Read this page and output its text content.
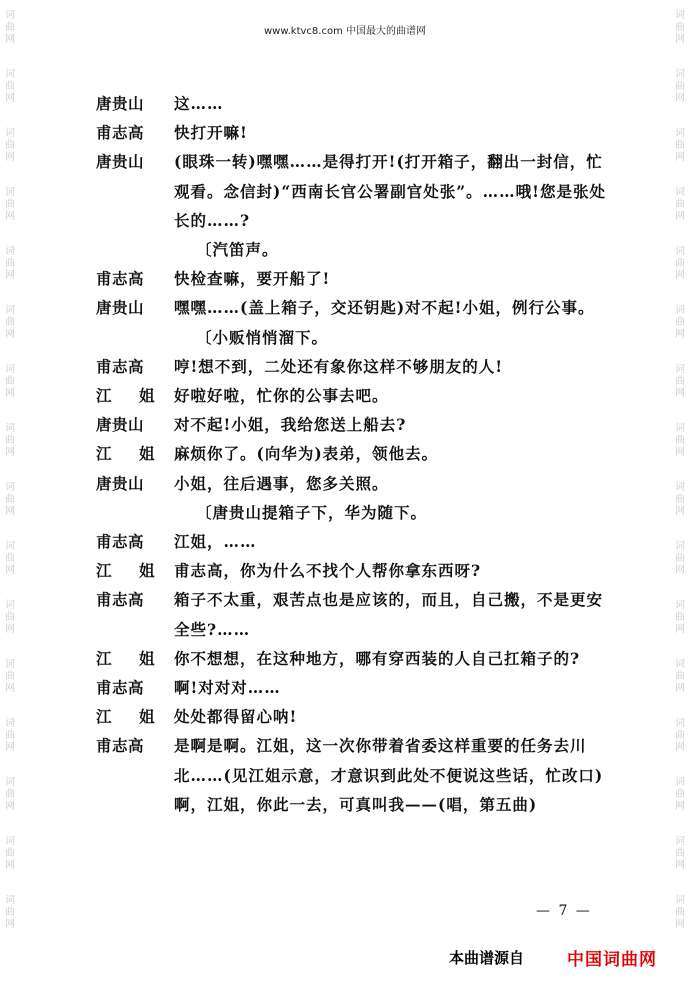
词
曲
网
词
曲
网
词
曲
网
词
曲
网
词
曲
网
词
曲
网
词
曲
网
词
曲
网
词
曲
网
词
曲
网
词
曲
网
词
曲
网
词
曲
网
词
曲
网
词
曲
网
词
曲
网
词
曲
网
词
曲
网
词
曲
网
词
曲
网
词
曲
网
词
曲
网
词
曲
网
词
曲
网
词
曲
网
词
曲
网
词
曲
网
词
曲
网
词
曲
网
词
曲
网
词
曲
网
词
曲
网
www.ktvc8.com 中国最大的曲谱网
唐贵山	这……
甫志高	快打开嘛!
唐贵山	(眼珠一转)嘿嘿……是得打开!(打开箱子，翻出一封信，忙观看。念信封)“西南长官公署副官处张”。……哦!您是张处长的……?
〔汽笛声。
甫志高	快检查嘛，要开船了!
唐贵山	嘿嘿……(盖上箱子，交还钥匙)对不起!小姐，例行公事。
〔小贩悄悄溜下。
甫志高	哼!想不到，二处还有象你这样不够朋友的人!
江　姐 好啦好啦，忙你的公事去吧。
唐贵山	对不起!小姐，我给您送上船去?
江　姐 麻烦你了。(向华为)表弟，领他去。
唐贵山	小姐，往后遇事，您多关照。
〔唐贵山提箱子下，华为随下。
甫志高	江姐，……
江　姐 甫志高，你为什么不找个人帮你拿东西呀?
甫志高	箱子不太重，艰苦点也是应该的，而且，自己搬，不是更安全些?……
江　姐 你不想想，在这种地方，哪有穿西装的人自己扛箱子的?
甫志高	啊!对对对……
江　姐 处处都得留心呐!
甫志高	是啊是啊。江姐，这一次你带着省委这样重要的任务去川北……(见江姐示意，才意识到此处不便说这些话，忙改口)啊，江姐，你此一去，可真叫我——(唱，第五曲)
— 7 —
本曲谱源自	中国词曲网
